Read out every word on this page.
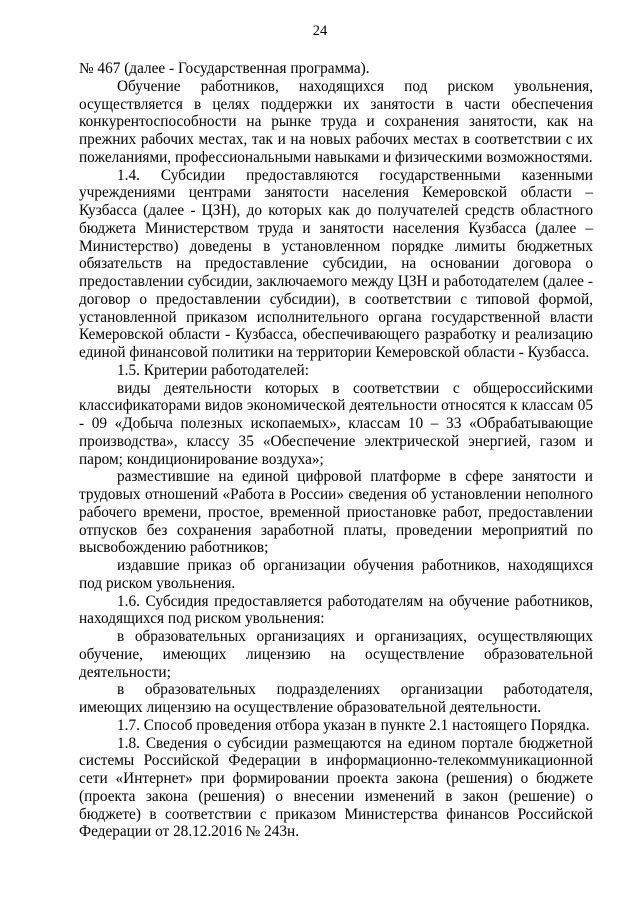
24

№ 467 (далее - Государственная программа).

Обучение работников, находящихся под риском увольнения, осуществляется в целях поддержки их занятости в части обеспечения конкурентоспособности на рынке труда и сохранения занятости, как на прежних рабочих местах, так и на новых рабочих местах в соответствии с их пожеланиями, профессиональными навыками и физическими возможностями.

1.4. Субсидии предоставляются государственными казенными учреждениями центрами занятости населения Кемеровской области – Кузбасса (далее - ЦЗН), до которых как до получателей средств областного бюджета Министерством труда и занятости населения Кузбасса (далее – Министерство) доведены в установленном порядке лимиты бюджетных обязательств на предоставление субсидии, на основании договора о предоставлении субсидии, заключаемого между ЦЗН и работодателем (далее - договор о предоставлении субсидии), в соответствии с типовой формой, установленной приказом исполнительного органа государственной власти Кемеровской области - Кузбасса, обеспечивающего разработку и реализацию единой финансовой политики на территории Кемеровской области - Кузбасса.

1.5. Критерии работодателей:

виды деятельности которых в соответствии с общероссийскими классификаторами видов экономической деятельности относятся к классам 05 - 09 «Добыча полезных ископаемых», классам 10 – 33 «Обрабатывающие производства», классу 35 «Обеспечение электрической энергией, газом и паром; кондиционирование воздуха»;

разместившие на единой цифровой платформе в сфере занятости и трудовых отношений «Работа в России» сведения об установлении неполного рабочего времени, простое, временной приостановке работ, предоставлении отпусков без сохранения заработной платы, проведении мероприятий по высвобождению работников;

издавшие приказ об организации обучения работников, находящихся под риском увольнения.

1.6. Субсидия предоставляется работодателям на обучение работников, находящихся под риском увольнения:

в образовательных организациях и организациях, осуществляющих обучение, имеющих лицензию на осуществление образовательной деятельности;

в образовательных подразделениях организации работодателя, имеющих лицензию на осуществление образовательной деятельности.

1.7. Способ проведения отбора указан в пункте 2.1 настоящего Порядка.

1.8. Сведения о субсидии размещаются на едином портале бюджетной системы Российской Федерации в информационно-телекоммуникационной сети «Интернет» при формировании проекта закона (решения) о бюджете (проекта закона (решения) о внесении изменений в закон (решение) о бюджете) в соответствии с приказом Министерства финансов Российской Федерации от 28.12.2016 № 243н.
